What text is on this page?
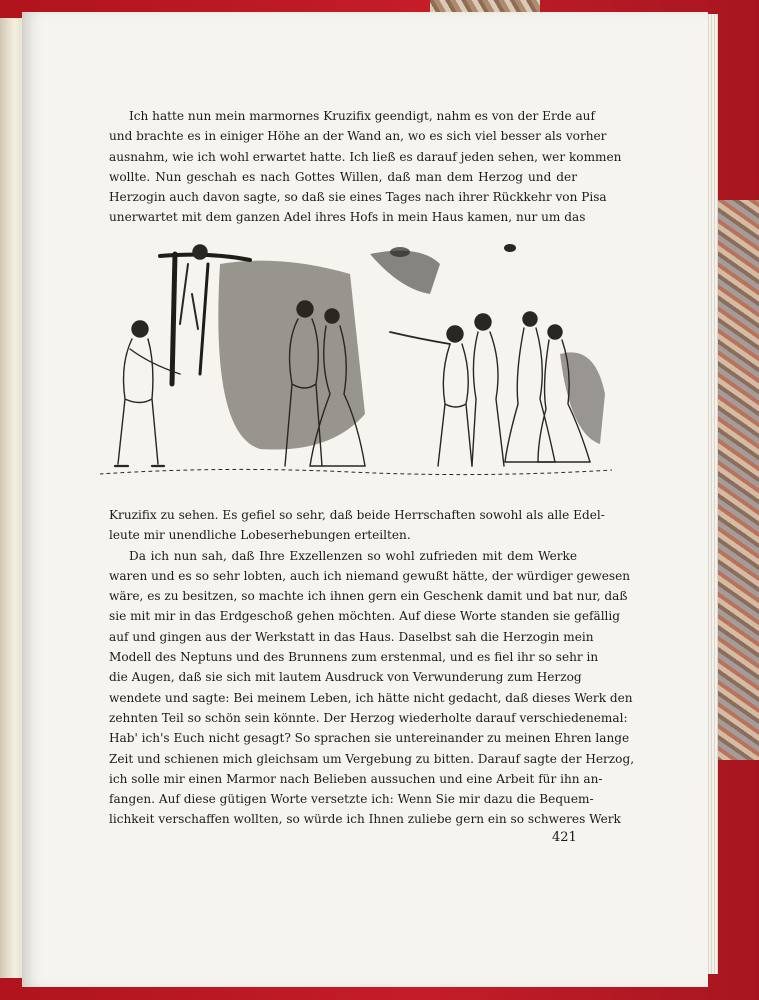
Ich hatte nun mein marmornes Kruzifix geendigt, nahm es von der Erde auf
und brachte es in einiger Höhe an der Wand an, wo es sich viel besser als vorher
ausnahm, wie ich wohl erwartet hatte. Ich ließ es darauf jeden sehen, wer kommen
wollte. Nun geschah es nach Gottes Willen, daß man dem Herzog und der
Herzogin auch davon sagte, so daß sie eines Tages nach ihrer Rückkehr von Pisa
unerwartet mit dem ganzen Adel ihres Hofs in mein Haus kamen, nur um das
Kruzifix zu sehen. Es gefiel so sehr, daß beide Herrschaften sowohl als alle Edel-
leute mir unendliche Lobeserhebungen erteilten.
Da ich nun sah, daß Ihre Exzellenzen so wohl zufrieden mit dem Werke
waren und es so sehr lobten, auch ich niemand gewußt hätte, der würdiger gewesen
wäre, es zu besitzen, so machte ich ihnen gern ein Geschenk damit und bat nur, daß
sie mit mir in das Erdgeschoß gehen möchten. Auf diese Worte standen sie gefällig
auf und gingen aus der Werkstatt in das Haus. Daselbst sah die Herzogin mein
Modell des Neptuns und des Brunnens zum erstenmal, und es fiel ihr so sehr in
die Augen, daß sie sich mit lautem Ausdruck von Verwunderung zum Herzog
wendete und sagte: Bei meinem Leben, ich hätte nicht gedacht, daß dieses Werk den
zehnten Teil so schön sein könnte. Der Herzog wiederholte darauf verschiedenemal:
Hab' ich's Euch nicht gesagt? So sprachen sie untereinander zu meinen Ehren lange
Zeit und schienen mich gleichsam um Vergebung zu bitten. Darauf sagte der Herzog,
ich solle mir einen Marmor nach Belieben aussuchen und eine Arbeit für ihn an-
fangen. Auf diese gütigen Worte versetzte ich: Wenn Sie mir dazu die Bequem-
lichkeit verschaffen wollten, so würde ich Ihnen zuliebe gern ein so schweres Werk
421
